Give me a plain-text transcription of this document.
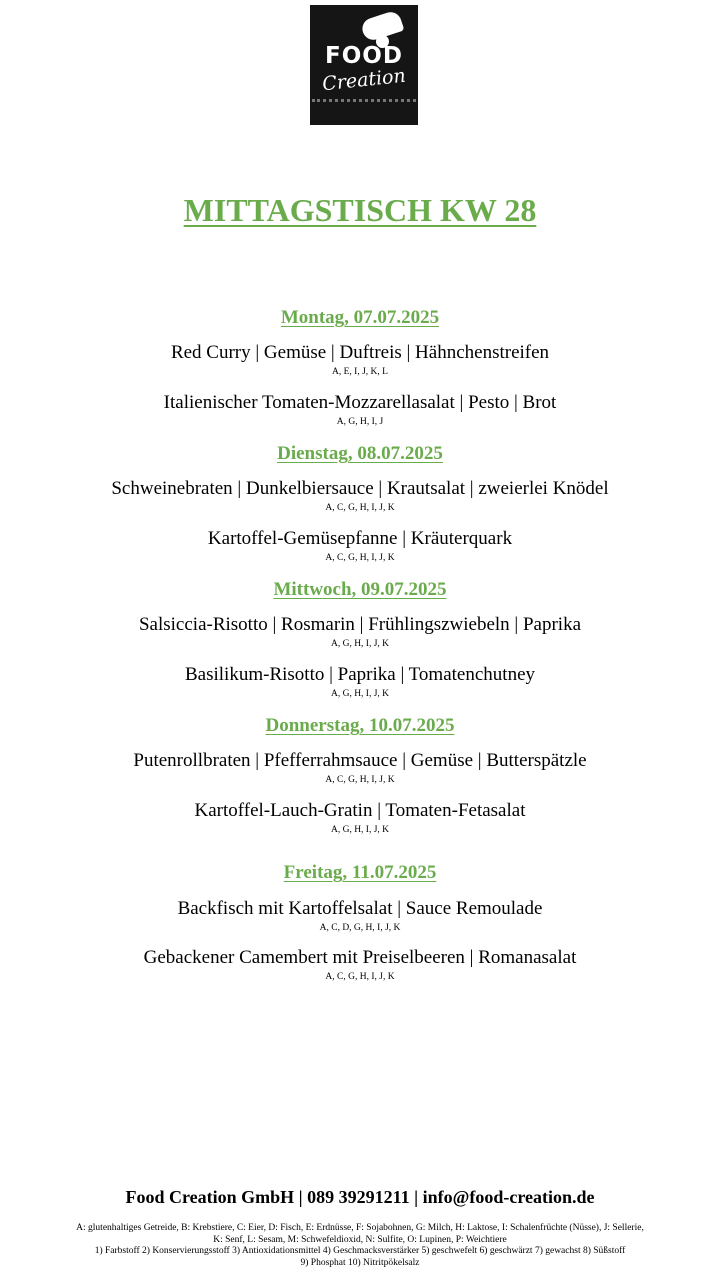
FOOD
Creation
MITTAGSTISCH KW 28
Montag, 07.07.2025
Red Curry | Gemüse | Duftreis | Hähnchenstreifen
A, E, I, J, K, L
Italienischer Tomaten-Mozzarellasalat | Pesto | Brot
A, G, H, I, J
Dienstag, 08.07.2025
Schweinebraten | Dunkelbiersauce | Krautsalat | zweierlei Knödel
A, C, G, H, I, J, K
Kartoffel-Gemüsepfanne | Kräuterquark
A, C, G, H, I, J, K
Mittwoch, 09.07.2025
Salsiccia-Risotto | Rosmarin | Frühlingszwiebeln | Paprika
A, G, H, I, J, K
Basilikum-Risotto | Paprika | Tomatenchutney
A, G, H, I, J, K
Donnerstag, 10.07.2025
Putenrollbraten | Pfefferrahmsauce | Gemüse | Butterspätzle
A, C, G, H, I, J, K
Kartoffel-Lauch-Gratin | Tomaten-Fetasalat
A, G, H, I, J, K
Freitag, 11.07.2025
Backfisch mit Kartoffelsalat | Sauce Remoulade
A, C, D, G, H, I, J, K
Gebackener Camembert mit Preiselbeeren | Romanasalat
A, C, G, H, I, J, K
Food Creation GmbH | 089 39291211 | info@food-creation.de
A: glutenhaltiges Getreide, B: Krebstiere, C: Eier, D: Fisch, E: Erdnüsse, F: Sojabohnen, G: Milch, H: Laktose, I: Schalenfrüchte (Nüsse), J: Sellerie,
K: Senf, L: Sesam, M: Schwefeldioxid, N: Sulfite, O: Lupinen, P: Weichtiere
1) Farbstoff 2) Konservierungsstoff 3) Antioxidationsmittel 4) Geschmacksverstärker 5) geschwefelt 6) geschwärzt 7) gewachst 8) Süßstoff
9) Phosphat 10) Nitritpökelsalz
